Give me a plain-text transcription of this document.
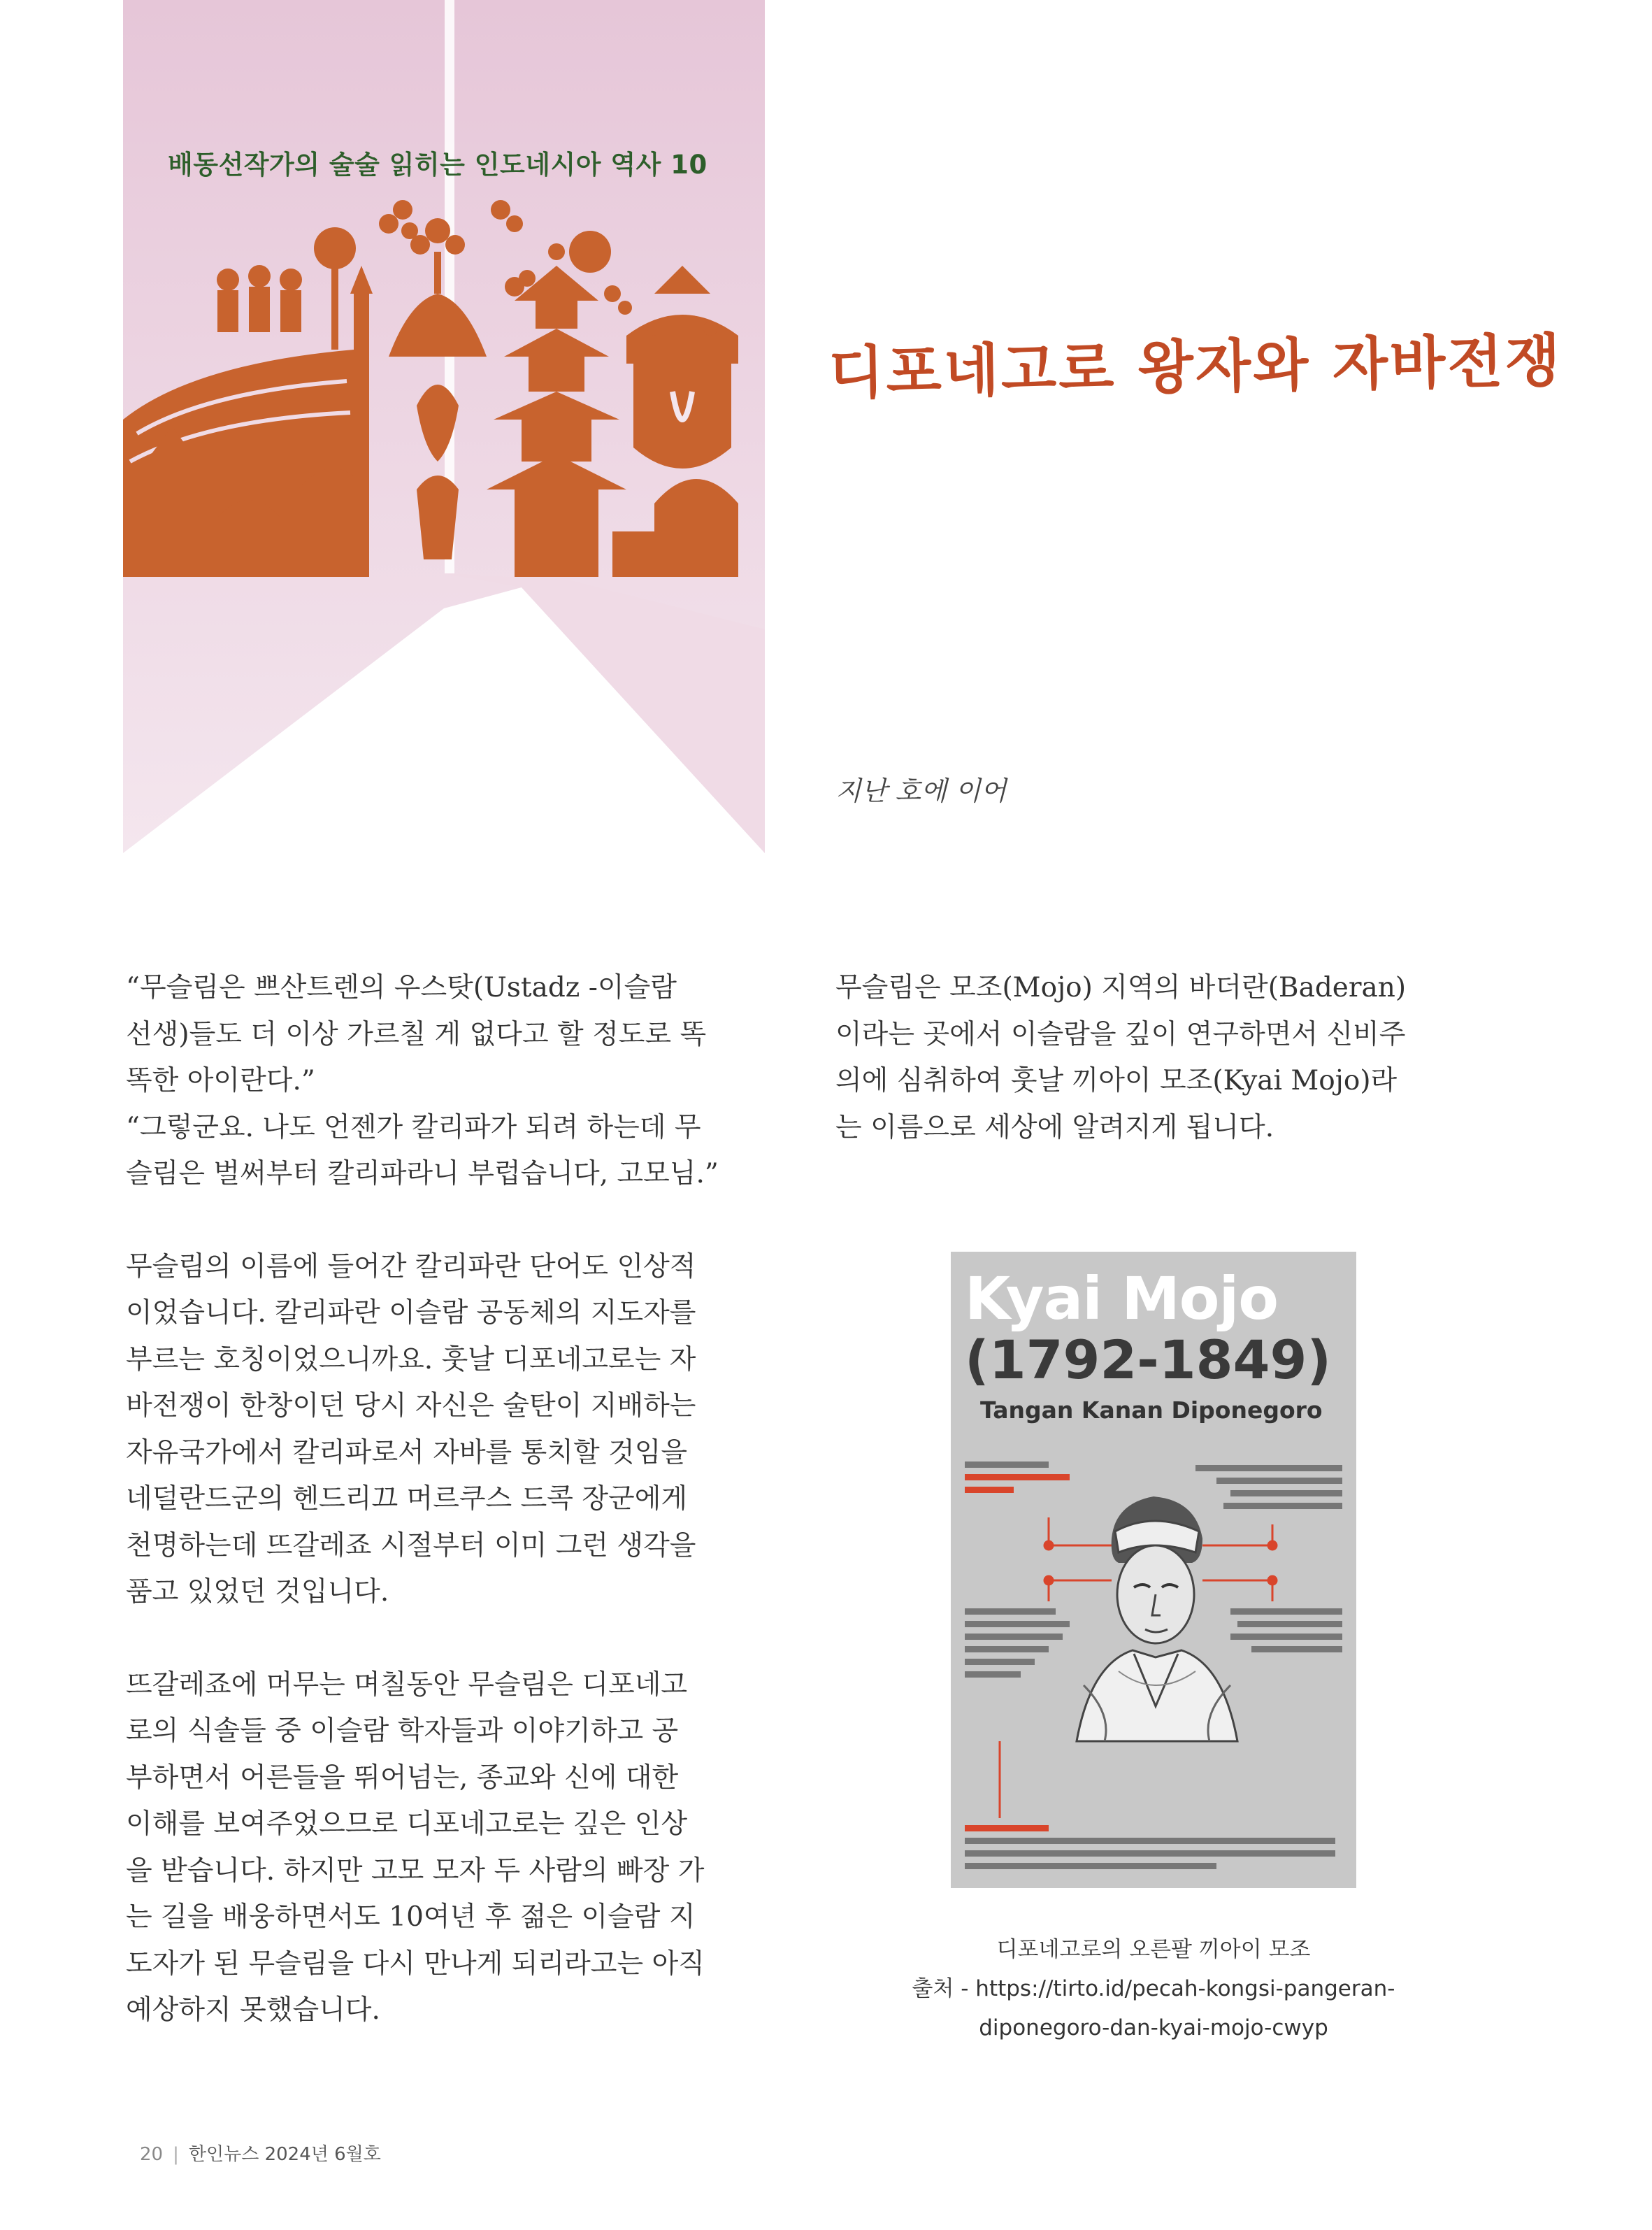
배동선작가의 술술 읽히는 인도네시아 역사 10
디포네고로 왕자와 자바전쟁
지난 호에 이어

“무슬림은 쁘산트렌의 우스탓(Ustadz -이슬람

선생)들도 더 이상 가르칠 게 없다고 할 정도로 똑

똑한 아이란다.”

“그렇군요. 나도 언젠가 칼리파가 되려 하는데 무

슬림은 벌써부터 칼리파라니 부럽습니다, 고모님.”

무슬림의 이름에 들어간 칼리파란 단어도 인상적

이었습니다. 칼리파란 이슬람 공동체의 지도자를

부르는 호칭이었으니까요. 훗날 디포네고로는 자

바전쟁이 한창이던 당시 자신은 술탄이 지배하는

자유국가에서 칼리파로서 자바를 통치할 것임을

네덜란드군의 헨드리끄 머르쿠스 드콕 장군에게

천명하는데 뜨갈레죠 시절부터 이미 그런 생각을

품고 있었던 것입니다.

뜨갈레죠에 머무는 며칠동안 무슬림은 디포네고

로의 식솔들 중 이슬람 학자들과 이야기하고 공

부하면서 어른들을 뛰어넘는, 종교와 신에 대한

이해를 보여주었으므로 디포네고로는 깊은 인상

을 받습니다. 하지만 고모 모자 두 사람의 빠장 가

는 길을 배웅하면서도 10여년 후 젊은 이슬람 지

도자가 된 무슬림을 다시 만나게 되리라고는 아직

예상하지 못했습니다.

무슬림은 모조(Mojo) 지역의 바더란(Baderan)

이라는 곳에서 이슬람을 깊이 연구하면서 신비주

의에 심취하여 훗날 끼아이 모조(Kyai Mojo)라

는 이름으로 세상에 알려지게 됩니다.

Kyai Mojo
(1792-1849)
Tangan Kanan Diponegoro
디포네고로의 오른팔 끼아이 모조
출처 - https://tirto.id/pecah-kongsi-pangeran-
diponegoro-dan-kyai-mojo-cwyp
20 | 한인뉴스 2024년 6월호
